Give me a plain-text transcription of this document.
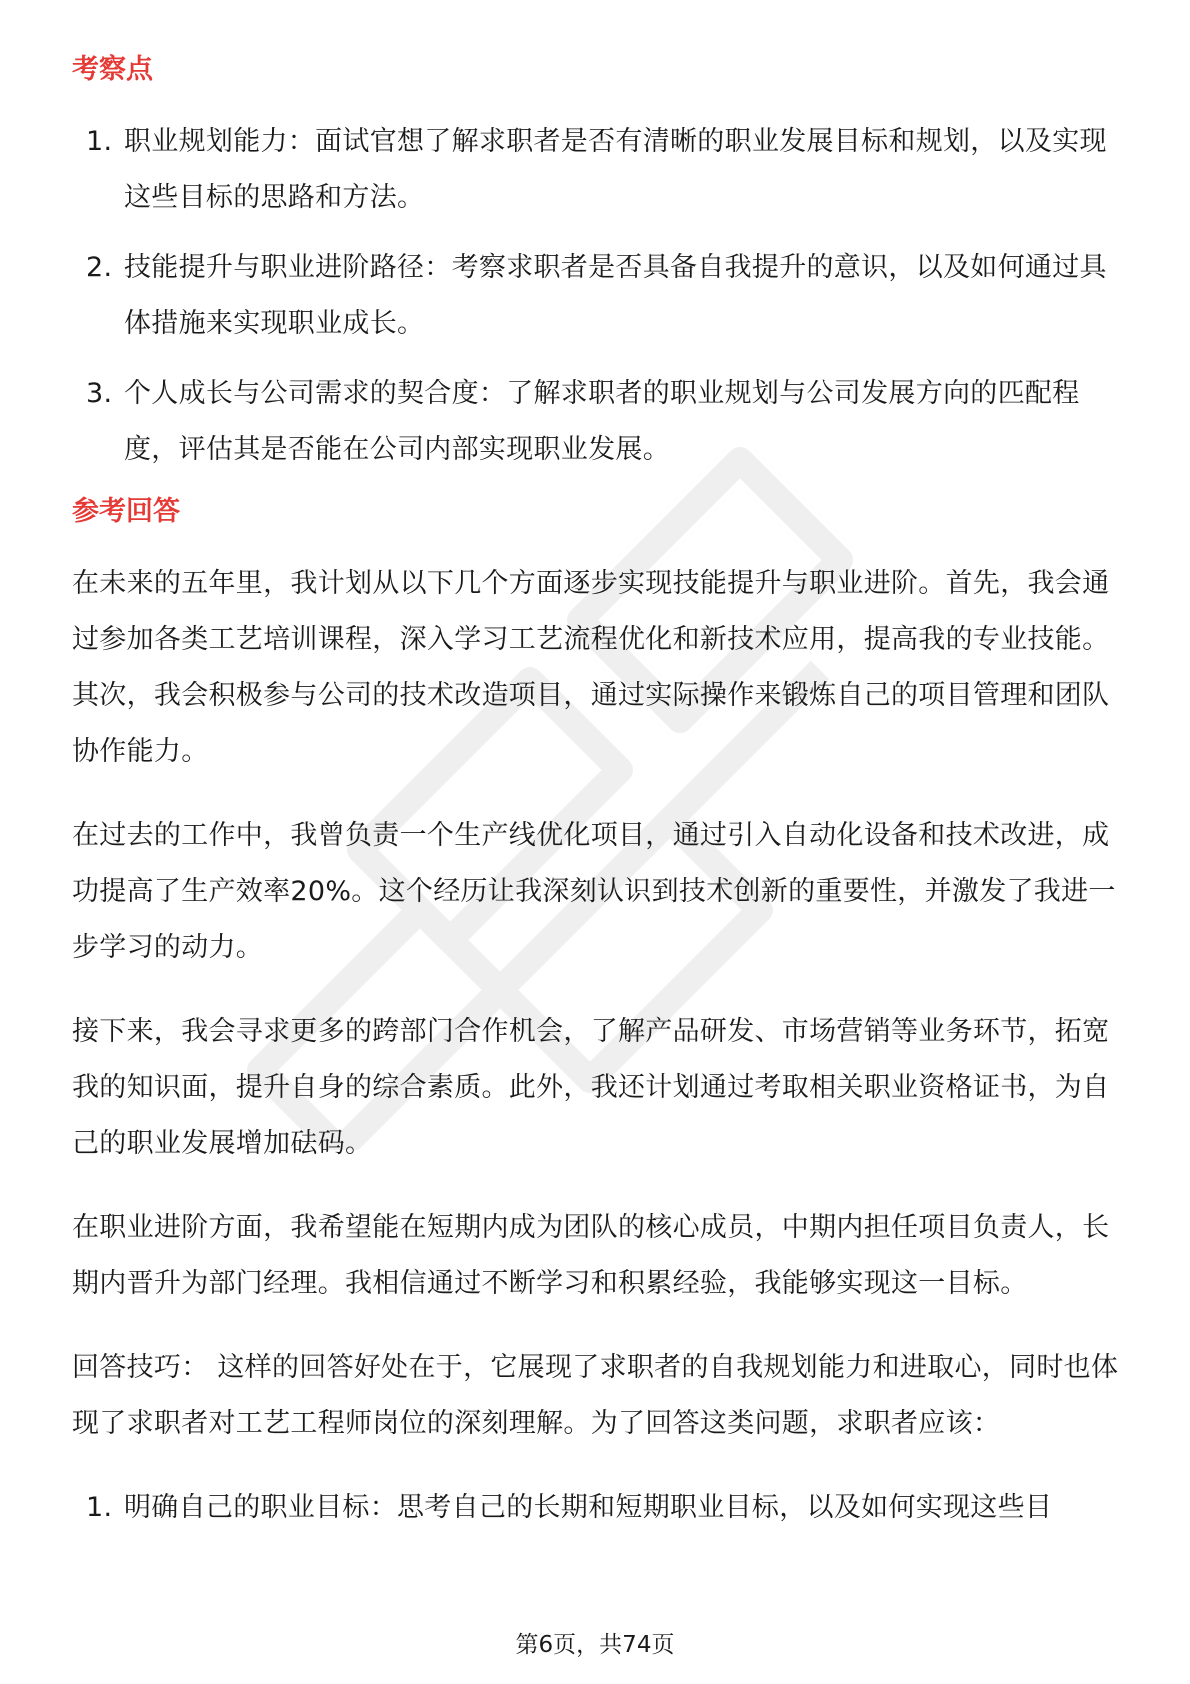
考察点
1. 职业规划能力：面试官想了解求职者是否有清晰的职业发展目标和规划，以及实现这些目标的思路和方法。
2. 技能提升与职业进阶路径：考察求职者是否具备自我提升的意识，以及如何通过具体措施来实现职业成长。
3. 个人成长与公司需求的契合度：了解求职者的职业规划与公司发展方向的匹配程度，评估其是否能在公司内部实现职业发展。
参考回答

在未来的五年里，我计划从以下几个方面逐步实现技能提升与职业进阶。首先，我会通过参加各类工艺培训课程，深入学习工艺流程优化和新技术应用，提高我的专业技能。其次，我会积极参与公司的技术改造项目，通过实际操作来锻炼自己的项目管理和团队协作能力。

在过去的工作中，我曾负责一个生产线优化项目，通过引入自动化设备和技术改进，成功提高了生产效率20%。这个经历让我深刻认识到技术创新的重要性，并激发了我进一步学习的动力。

接下来，我会寻求更多的跨部门合作机会，了解产品研发、市场营销等业务环节，拓宽我的知识面，提升自身的综合素质。此外，我还计划通过考取相关职业资格证书，为自己的职业发展增加砝码。

在职业进阶方面，我希望能在短期内成为团队的核心成员，中期内担任项目负责人，长期内晋升为部门经理。我相信通过不断学习和积累经验，我能够实现这一目标。

回答技巧： 这样的回答好处在于，它展现了求职者的自我规划能力和进取心，同时也体现了求职者对工艺工程师岗位的深刻理解。为了回答这类问题，求职者应该：

1. 明确自己的职业目标：思考自己的长期和短期职业目标，以及如何实现这些目
第6页，共74页
